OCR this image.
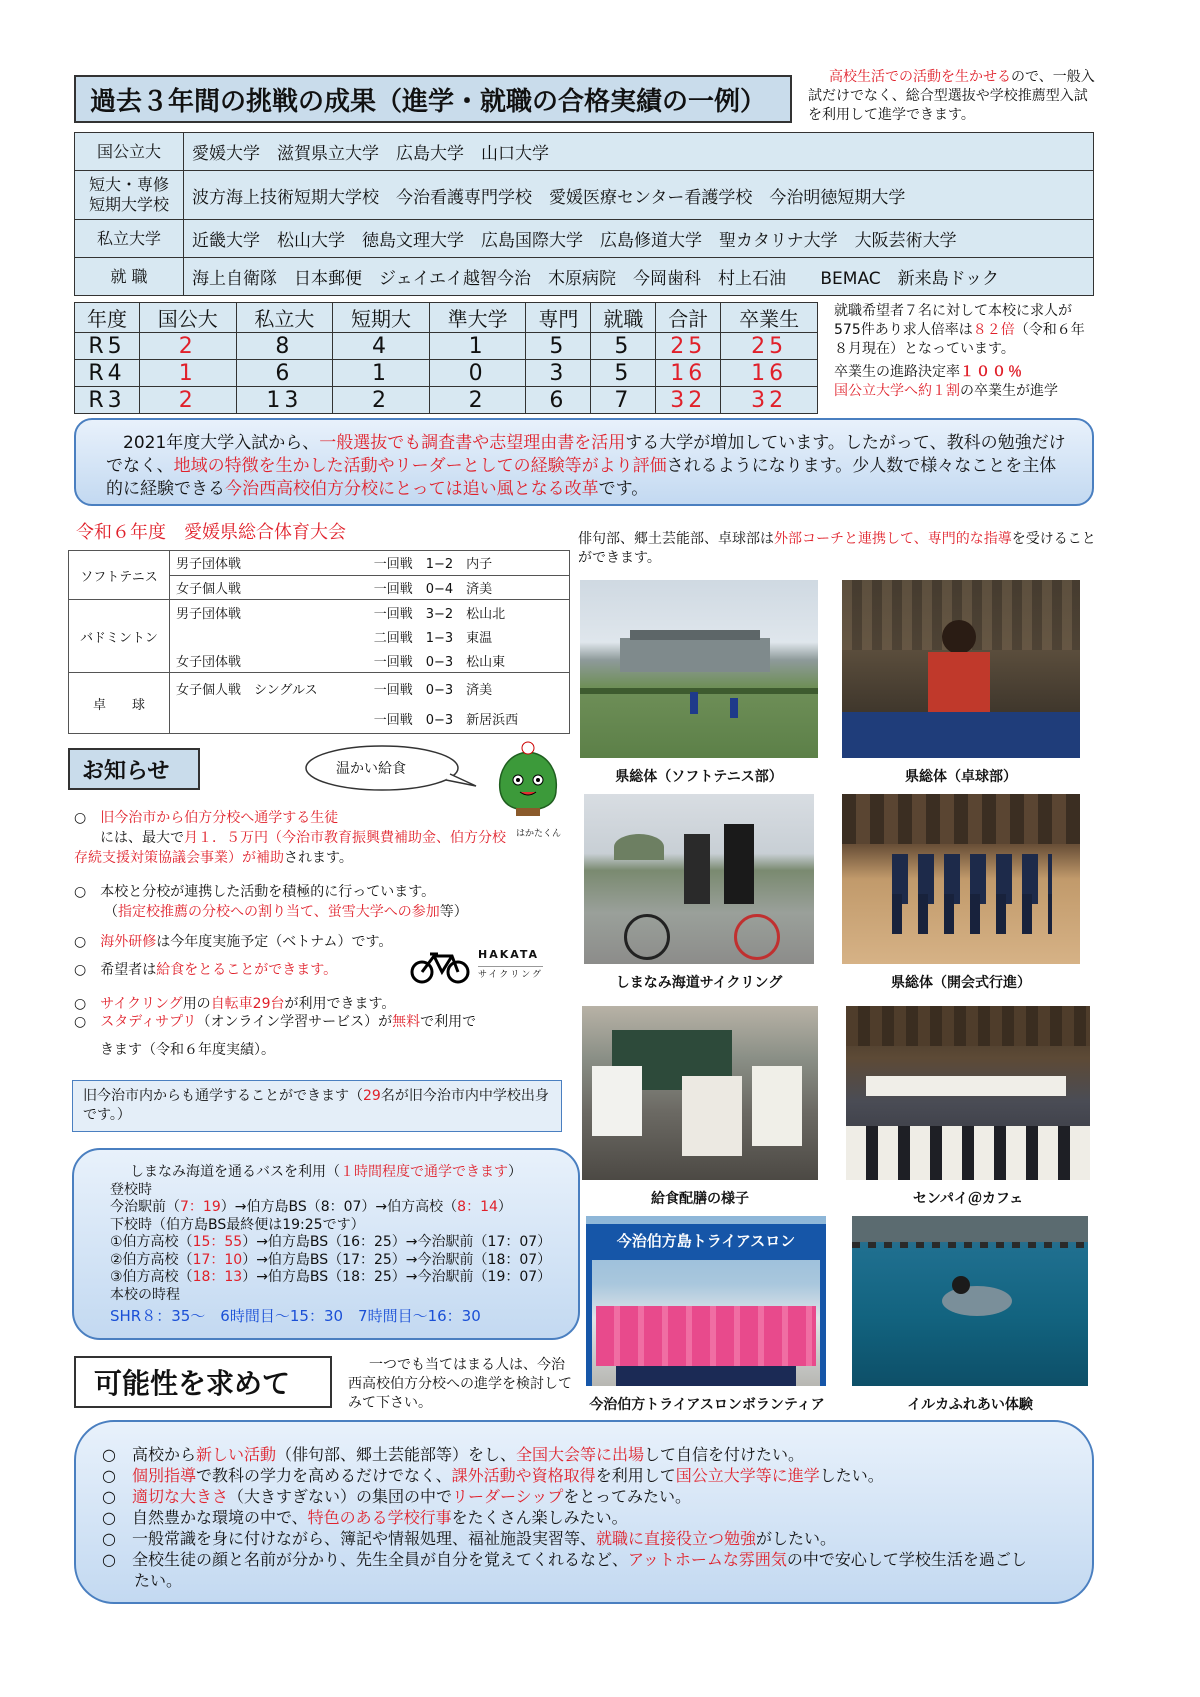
過去３年間の挑戦の成果（進学・就職の合格実績の一例）
高校生活での活動を生かせるので、一般入試だけでなく、総合型選抜や学校推薦型入試を利用して進学できます。
国公立大	愛媛大学　滋賀県立大学　広島大学　山口大学
短大・専修
短期大学校	波方海上技術短期大学校　今治看護専門学校　愛媛医療センター看護学校　今治明徳短期大学
私立大学	近畿大学　松山大学　徳島文理大学　広島国際大学　広島修道大学　聖カタリナ大学　大阪芸術大学
就 職	海上自衛隊　日本郵便　ジェイエイ越智今治　木原病院　今岡歯科　村上石油　 BEMAC　新来島ドック
年度	国公大	私立大	短期大	準大学	専門	就職	合計	卒業生
R5	2	8	4	1	5	5	25	25
R4	1	6	1	0	3	5	16	16
R3	2	13	2	2	6	7	32	32
就職希望者７名に対して本校に求人が575件あり求人倍率は８２倍（令和６年８月現在）となっています。
卒業生の進路決定率１００％
国公立大学へ約１割の卒業生が進学
　2021年度大学入試から、一般選抜でも調査書や志望理由書を活用する大学が増加しています。したがって、教科の勉強だけでなく、地域の特徴を生かした活動やリーダーとしての経験等がより評価されるようになります。少人数で様々なことを主体的に経験できる今治西高校伯方分校にとっては追い風となる改革です。
令和６年度　愛媛県総合体育大会
ソフトテニス	男子団体戦	一回戦　1−2　内子
	女子個人戦	一回戦　0−4　済美
バドミントン	男子団体戦	一回戦　3−2　松山北
		二回戦　1−3　東温
	女子団体戦	一回戦　0−3　松山東
卓　　球	女子個人戦　シングルス	一回戦　0−3　済美
		一回戦　0−3　新居浜西
俳句部、郷土芸能部、卓球部は外部コーチと連携して、専門的な指導を受けることができます。
お知らせ	温かい給食
はかたくん
○ 旧今治市から伯方分校へ通学する生徒
には、最大で月１．５万円（今治市教育振興費補助金、伯方分校存続支援対策協議会事業）が補助されます。
○ 本校と分校が連携した活動を積極的に行っています。
（指定校推薦の分校への割り当て、蛍雪大学への参加等）
○ 海外研修は今年度実施予定（ベトナム）です。
○ 希望者は給食をとることができます。
HAKATA
サイクリング
○ サイクリング用の自転車29台が利用できます。
○ スタディサプリ（オンライン学習サービス）が無料で利用で
きます（令和６年度実績）。
旧今治市内からも通学することができます（29名が旧今治市内中学校出身です。）
しまなみ海道を通るバスを利用（１時間程度で通学できます）
登校時
今治駅前（7：19）→伯方島BS（8：07）→伯方高校（8：14）
下校時（伯方島BS最終便は19:25です）
①伯方高校（15：55）→伯方島BS（16：25）→今治駅前（17：07）
②伯方高校（17：10）→伯方島BS（17：25）→今治駅前（18：07）
③伯方高校（18：13）→伯方島BS（18：25）→今治駅前（19：07）
本校の時程
SHR８：35〜　6時間目〜15：30　7時間目〜16：30
県総体（ソフトテニス部）	県総体（卓球部）
しまなみ海道サイクリング	県総体（開会式行進）
給食配膳の様子	センパイ＠カフェ
今治伯方島トライアスロン
今治伯方トライアスロンボランティア	イルカふれあい体験
可能性を求めて
一つでも当てはまる人は、今治西高校伯方分校への進学を検討してみて下さい。
○ 高校から新しい活動（俳句部、郷土芸能部等）をし、全国大会等に出場して自信を付けたい。
○ 個別指導で教科の学力を高めるだけでなく、課外活動や資格取得を利用して国公立大学等に進学したい。
○ 適切な大きさ（大きすぎない）の集団の中でリーダーシップをとってみたい。
○ 自然豊かな環境の中で、特色のある学校行事をたくさん楽しみたい。
○ 一般常識を身に付けながら、簿記や情報処理、福祉施設実習等、就職に直接役立つ勉強がしたい。
○ 全校生徒の顔と名前が分かり、先生全員が自分を覚えてくれるなど、アットホームな雰囲気の中で安心して学校生活を過ごしたい。
